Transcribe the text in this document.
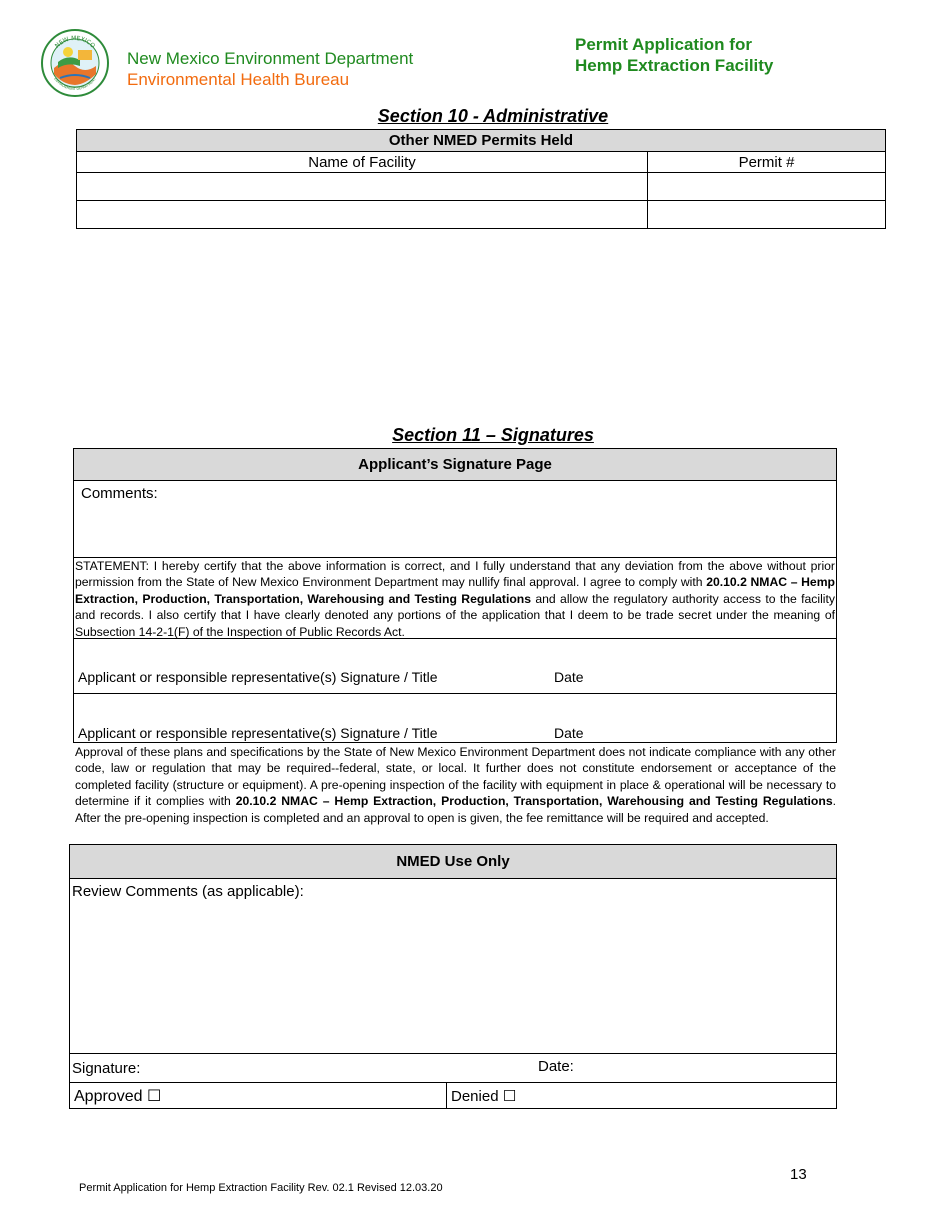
NEW MEXICO
ENVIRONMENT DEPARTMENT
New Mexico Environment Department
Environmental Health Bureau
Permit Application for
Hemp Extraction Facility
Section 10 - Administrative
Other NMED Permits Held	
Name of Facility	Permit #

Section 11 – Signatures
Applicant’s Signature Page
Comments:
STATEMENT: I hereby certify that the above information is correct, and I fully understand that any deviation from the above without prior permission from the State of New Mexico Environment Department may nullify final approval. I agree to comply with 20.10.2 NMAC – Hemp Extraction, Production, Transportation, Warehousing and Testing Regulations and allow the regulatory authority access to the facility and records. I also certify that I have clearly denoted any portions of the application that I deem to be trade secret under the meaning of Subsection 14-2-1(F) of the Inspection of Public Records Act.
Applicant or responsible representative(s) Signature / Title	Date
Applicant or responsible representative(s) Signature / Title	Date
Approval of these plans and specifications by the State of New Mexico Environment Department does not indicate compliance with any other code, law or regulation that may be required--federal, state, or local. It further does not constitute endorsement or acceptance of the completed facility (structure or equipment). A pre-opening inspection of the facility with equipment in place & operational will be necessary to determine if it complies with 20.10.2 NMAC – Hemp Extraction, Production, Transportation, Warehousing and Testing Regulations. After the pre-opening inspection is completed and an approval to open is given, the fee remittance will be required and accepted.
NMED Use Only
Review Comments (as applicable):
Signature:	Date:

Approved ☐	Denied ☐
13
Permit Application for Hemp Extraction Facility Rev. 02.1 Revised 12.03.20
